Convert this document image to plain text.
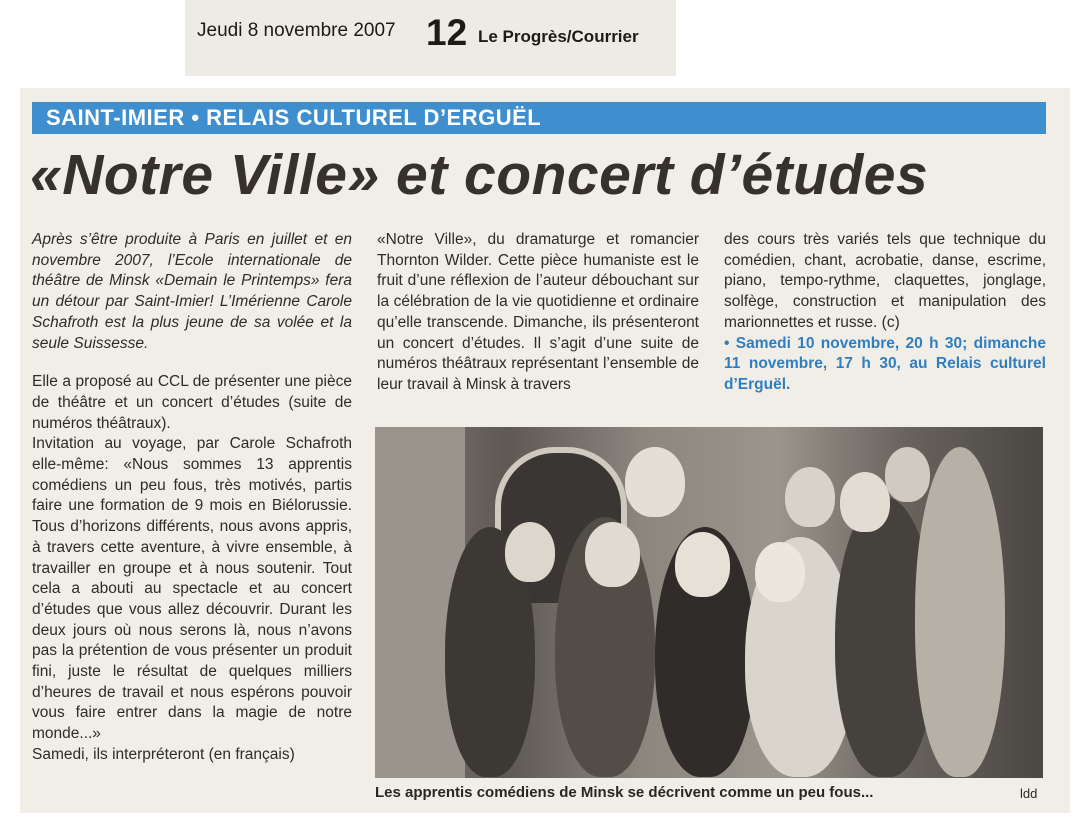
Jeudi 8 novembre 2007 12 Le Progrès/Courrier
SAINT-IMIER • RELAIS CULTUREL D’ERGUËL
«Notre Ville» et concert d’études

Après s’être produite à Paris en juillet et en novembre 2007, l’Ecole internationale de théâtre de Minsk «Demain le Printemps» fera un détour par Saint-Imier! L’Imérienne Carole Schafroth est la plus jeune de sa volée et la seule Suissesse.

Elle a proposé au CCL de présenter une pièce de théâtre et un concert d’études (suite de numéros théâtraux).

Invitation au voyage, par Carole Schafroth elle-même: «Nous sommes 13 apprentis comédiens un peu fous, très motivés, partis faire une formation de 9 mois en Biélorussie. Tous d’horizons différents, nous avons appris, à travers cette aventure, à vivre ensemble, à travailler en groupe et à nous soutenir. Tout cela a abouti au spectacle et au concert d’études que vous allez découvrir. Durant les deux jours où nous serons là, nous n’avons pas la prétention de vous présenter un produit fini, juste le résultat de quelques milliers d’heures de travail et nous espérons pouvoir vous faire entrer dans la magie de notre monde...»

Samedi, ils interpréteront (en français)

«Notre Ville», du dramaturge et romancier Thornton Wilder. Cette pièce humaniste est le fruit d’une réflexion de l’auteur débouchant sur la célébration de la vie quotidienne et ordinaire qu’elle transcende. Dimanche, ils présenteront un concert d’études. Il s’agit d’une suite de numéros théâtraux représentant l’ensemble de leur travail à Minsk à travers

des cours très variés tels que technique du comédien, chant, acrobatie, danse, escrime, piano, tempo-rythme, claquettes, jonglage, solfège, construction et manipulation des marionnettes et russe. (c)

• Samedi 10 novembre, 20 h 30; dimanche 11 novembre, 17 h 30, au Relais culturel d’Erguël.

Les apprentis comédiens de Minsk se décrivent comme un peu fous...	ldd
